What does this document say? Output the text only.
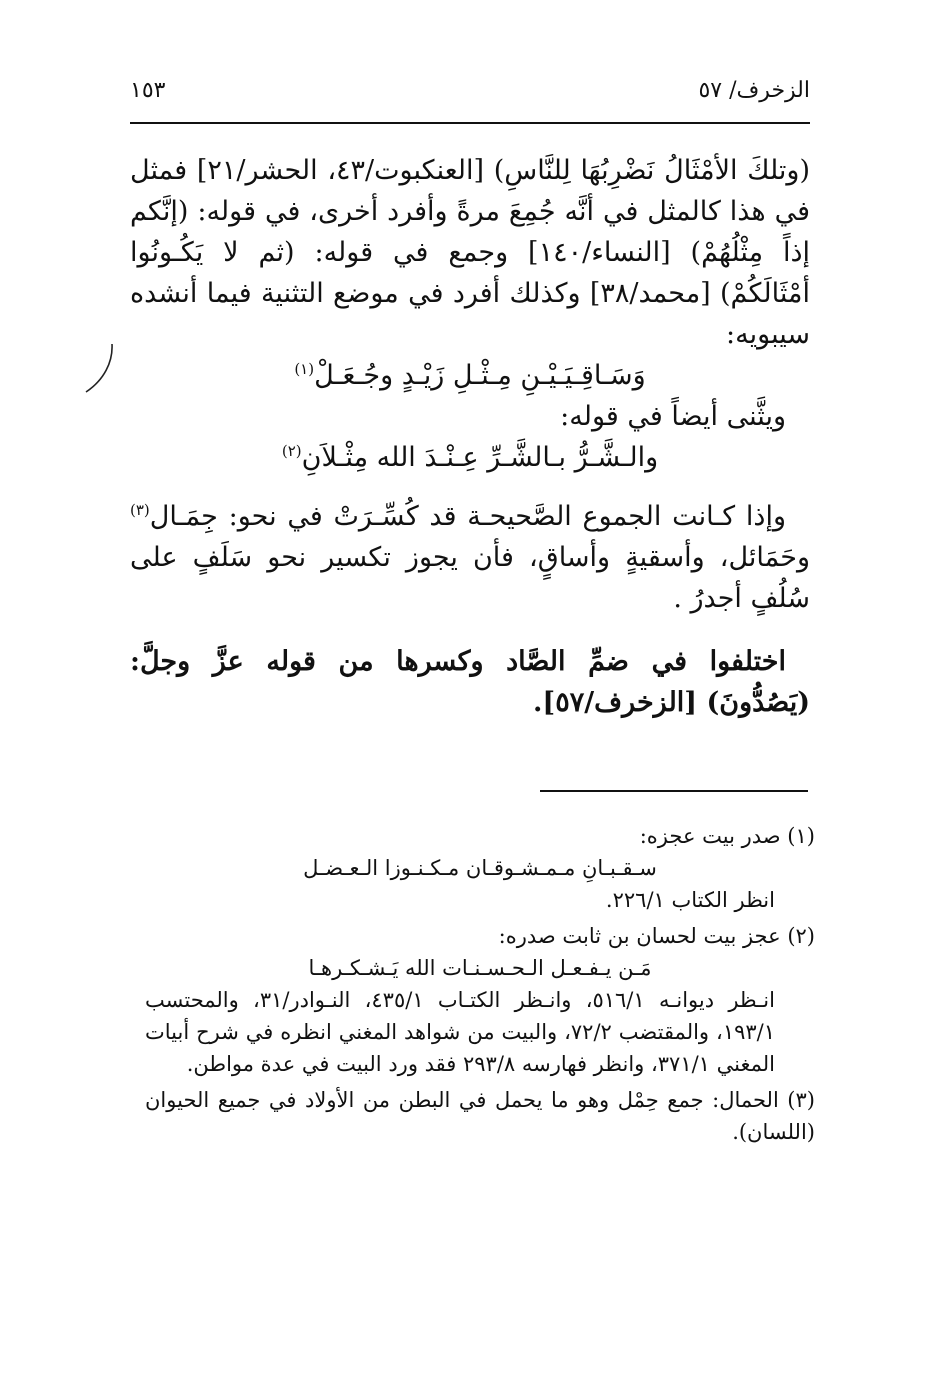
الزخرف/ ٥٧
١٥٣

(وتلكَ الأمْثَالُ نَضْرِبُهَا لِلنَّاسِ) [العنكبوت/٤٣، الحشر/٢١] فمثل في هذا كالمثل في أنَّه جُمِعَ مرةً وأفرد أخرى، في قوله: (إنَّكم إذاً مِثْلُهُمْ) [النساء/١٤٠] وجمع في قوله: (ثم لا يَكُـونُوا أمْثَالَكُمْ) [محمد/٣٨] وكذلك أفرد في موضع التثنية فيما أنشده سيبويه:

وَسَـاقِـيَـيْـنِ مِـثْـلِ زَيْـدٍ وجُـعَـلْ$^{(١)}$

ويثَّنى أيضاً في قوله:

والـشَّـرُّ بـالشَّـرِّ عِـنْـدَ الله مِثْـلاَنِ$^{(٢)}$

وإذا كـانت الجموع الصَّحيحـة قد كُسِّـرَتْ في نحو: جِمَـال$^{(٣)}$ وحَمَائل، وأسقيةٍ وأساقٍ، فأن يجوز تكسير نحو سَلَفٍ على سُلُفٍ أجدرُ .

اختلفوا في ضمِّ الصَّاد وكسرها من قوله عزَّ وجلَّ: (يَصُدُّونَ) [الزخرف/٥٧].

(١) صدر بيت عجزه:

سـقـبـانِ مـمـشـوقـان مـكـنـوزا الـعـضـل

انظر الكتاب ٢٢٦/١.

(٢) عجز بيت لحسان بن ثابت صدره:

مَـن يـفـعـل الـحـسـنـات الله يَـشـكـرهـا

انـظر ديوانـه ٥١٦/١، وانـظر الكتـاب ٤٣٥/١، النـوادر/٣١، والمحتسب ١٩٣/١، والمقتضب ٧٢/٢، والبيت من شواهد المغني انظره في شرح أبيات المغني ٣٧١/١، وانظر فهارسه ٢٩٣/٨ فقد ورد البيت في عدة مواطن.

(٣) الحمال: جمع حِمْل وهو ما يحمل في البطن من الأولاد في جميع الحيوان (اللسان).
